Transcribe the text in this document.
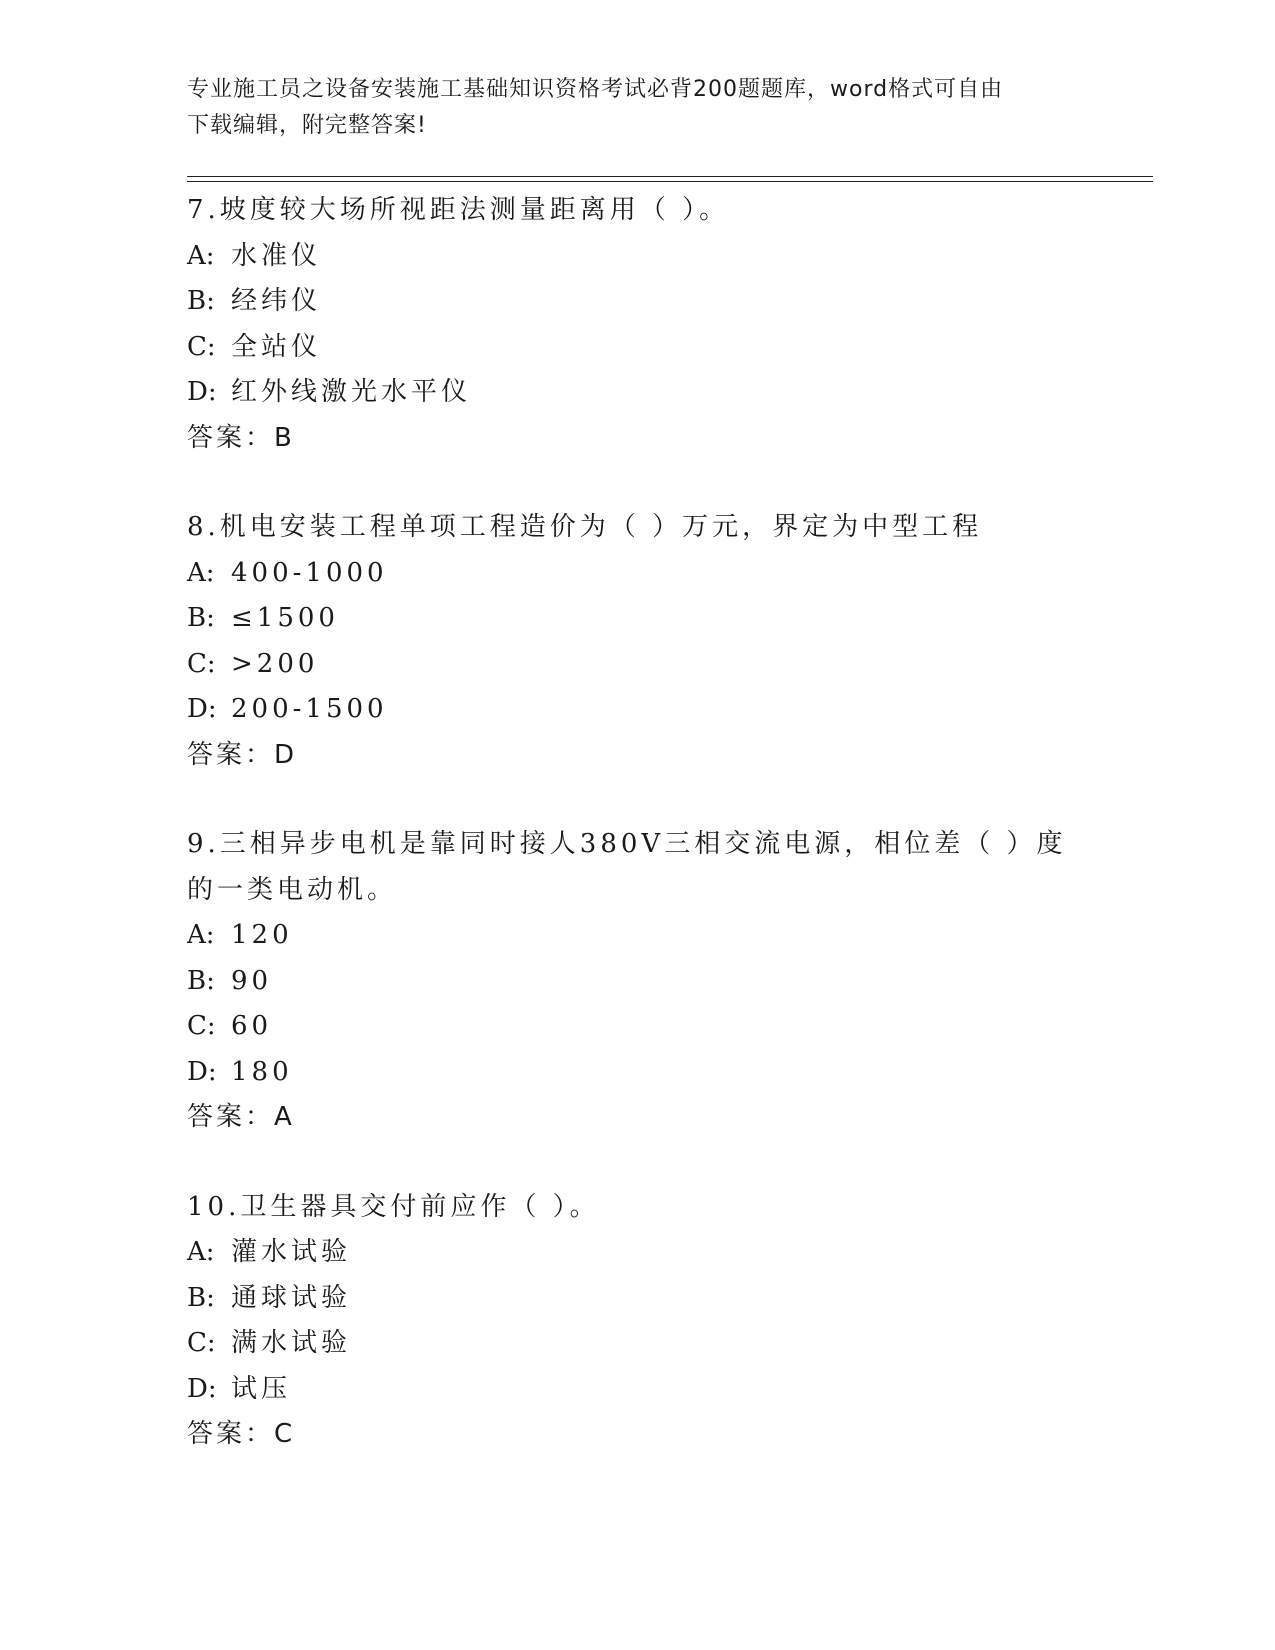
专业施工员之设备安装施工基础知识资格考试必背200题题库，word格式可自由
下载编辑，附完整答案!
7.坡度较大场所视距法测量距离用（ ）。
A: 水准仪
B: 经纬仪
C: 全站仪
D: 红外线激光水平仪
答案：B
8.机电安装工程单项工程造价为（ ）万元，界定为中型工程
A: 400-1000
B: ≤1500
C: >200
D: 200-1500
答案：D
9.三相异步电机是靠同时接人380V三相交流电源，相位差（ ）度的一类电动机。
A: 120
B: 90
C: 60
D: 180
答案：A
10.卫生器具交付前应作（ ）。
A: 灌水试验
B: 通球试验
C: 满水试验
D: 试压
答案：C
